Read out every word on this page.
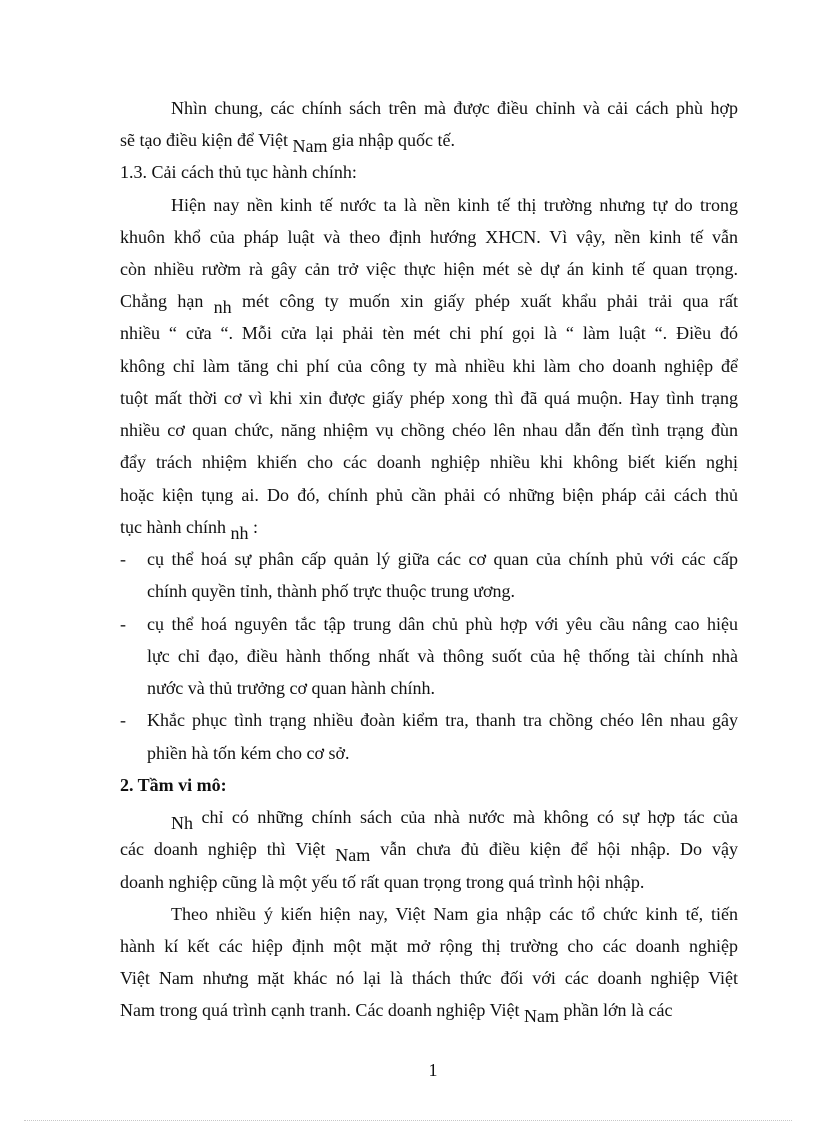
Nhìn chung, các chính sách trên mà được điều chỉnh và cải cách phù hợp
sẽ tạo điều kiện để Việt Nam gia nhập quốc tế.
1.3. Cải cách thủ tục hành chính:
Hiện nay nền kinh tế nước ta là nền kinh tế thị trường nhưng tự do trong
khuôn khổ của pháp luật và theo định hướng XHCN. Vì vậy, nền kinh tế vẫn
còn nhiều rườm rà gây cản trở việc thực hiện mét sè dự án kinh tế quan trọng.
Chẳng hạn nh mét công ty muốn xin giấy phép xuất khẩu phải trải qua rất
nhiều “ cửa “. Mỗi cửa lại phải tèn mét chi phí gọi là “ làm luật “. Điều đó
không chỉ làm tăng chi phí của công ty mà nhiều khi làm cho doanh nghiệp để
tuột mất thời cơ vì khi xin được giấy phép xong thì đã quá muộn. Hay tình trạng
nhiều cơ quan chức, năng nhiệm vụ chồng chéo lên nhau dẫn đến tình trạng đùn
đẩy trách nhiệm khiến cho các doanh nghiệp nhiều khi không biết kiến nghị
hoặc kiện tụng ai. Do đó, chính phủ cần phải có những biện pháp cải cách thủ
tục hành chính nh :
- cụ thể hoá sự phân cấp quản lý giữa các cơ quan của chính phủ với các cấp
chính quyền tỉnh, thành phố trực thuộc trung ương.
- cụ thể hoá nguyên tắc tập trung dân chủ phù hợp với yêu cầu nâng cao hiệu
lực chỉ đạo, điều hành thống nhất và thông suốt của hệ thống tài chính nhà
nước và thủ trưởng cơ quan hành chính.
- Khắc phục tình trạng nhiều đoàn kiểm tra, thanh tra chồng chéo lên nhau gây
phiền hà tốn kém cho cơ sở.
2. Tầm vi mô:
Nh chỉ có những chính sách của nhà nước mà không có sự hợp tác của
các doanh nghiệp thì Việt Nam vẫn chưa đủ điều kiện để hội nhập. Do vậy
doanh nghiệp cũng là một yếu tố rất quan trọng trong quá trình hội nhập.
Theo nhiều ý kiến hiện nay, Việt Nam gia nhập các tổ chức kinh tế, tiến
hành kí kết các hiệp định một mặt mở rộng thị trường cho các doanh nghiệp
Việt Nam nhưng mặt khác nó lại là thách thức đối với các doanh nghiệp Việt
Nam trong quá trình cạnh tranh. Các doanh nghiệp Việt Nam phần lớn là các
1
